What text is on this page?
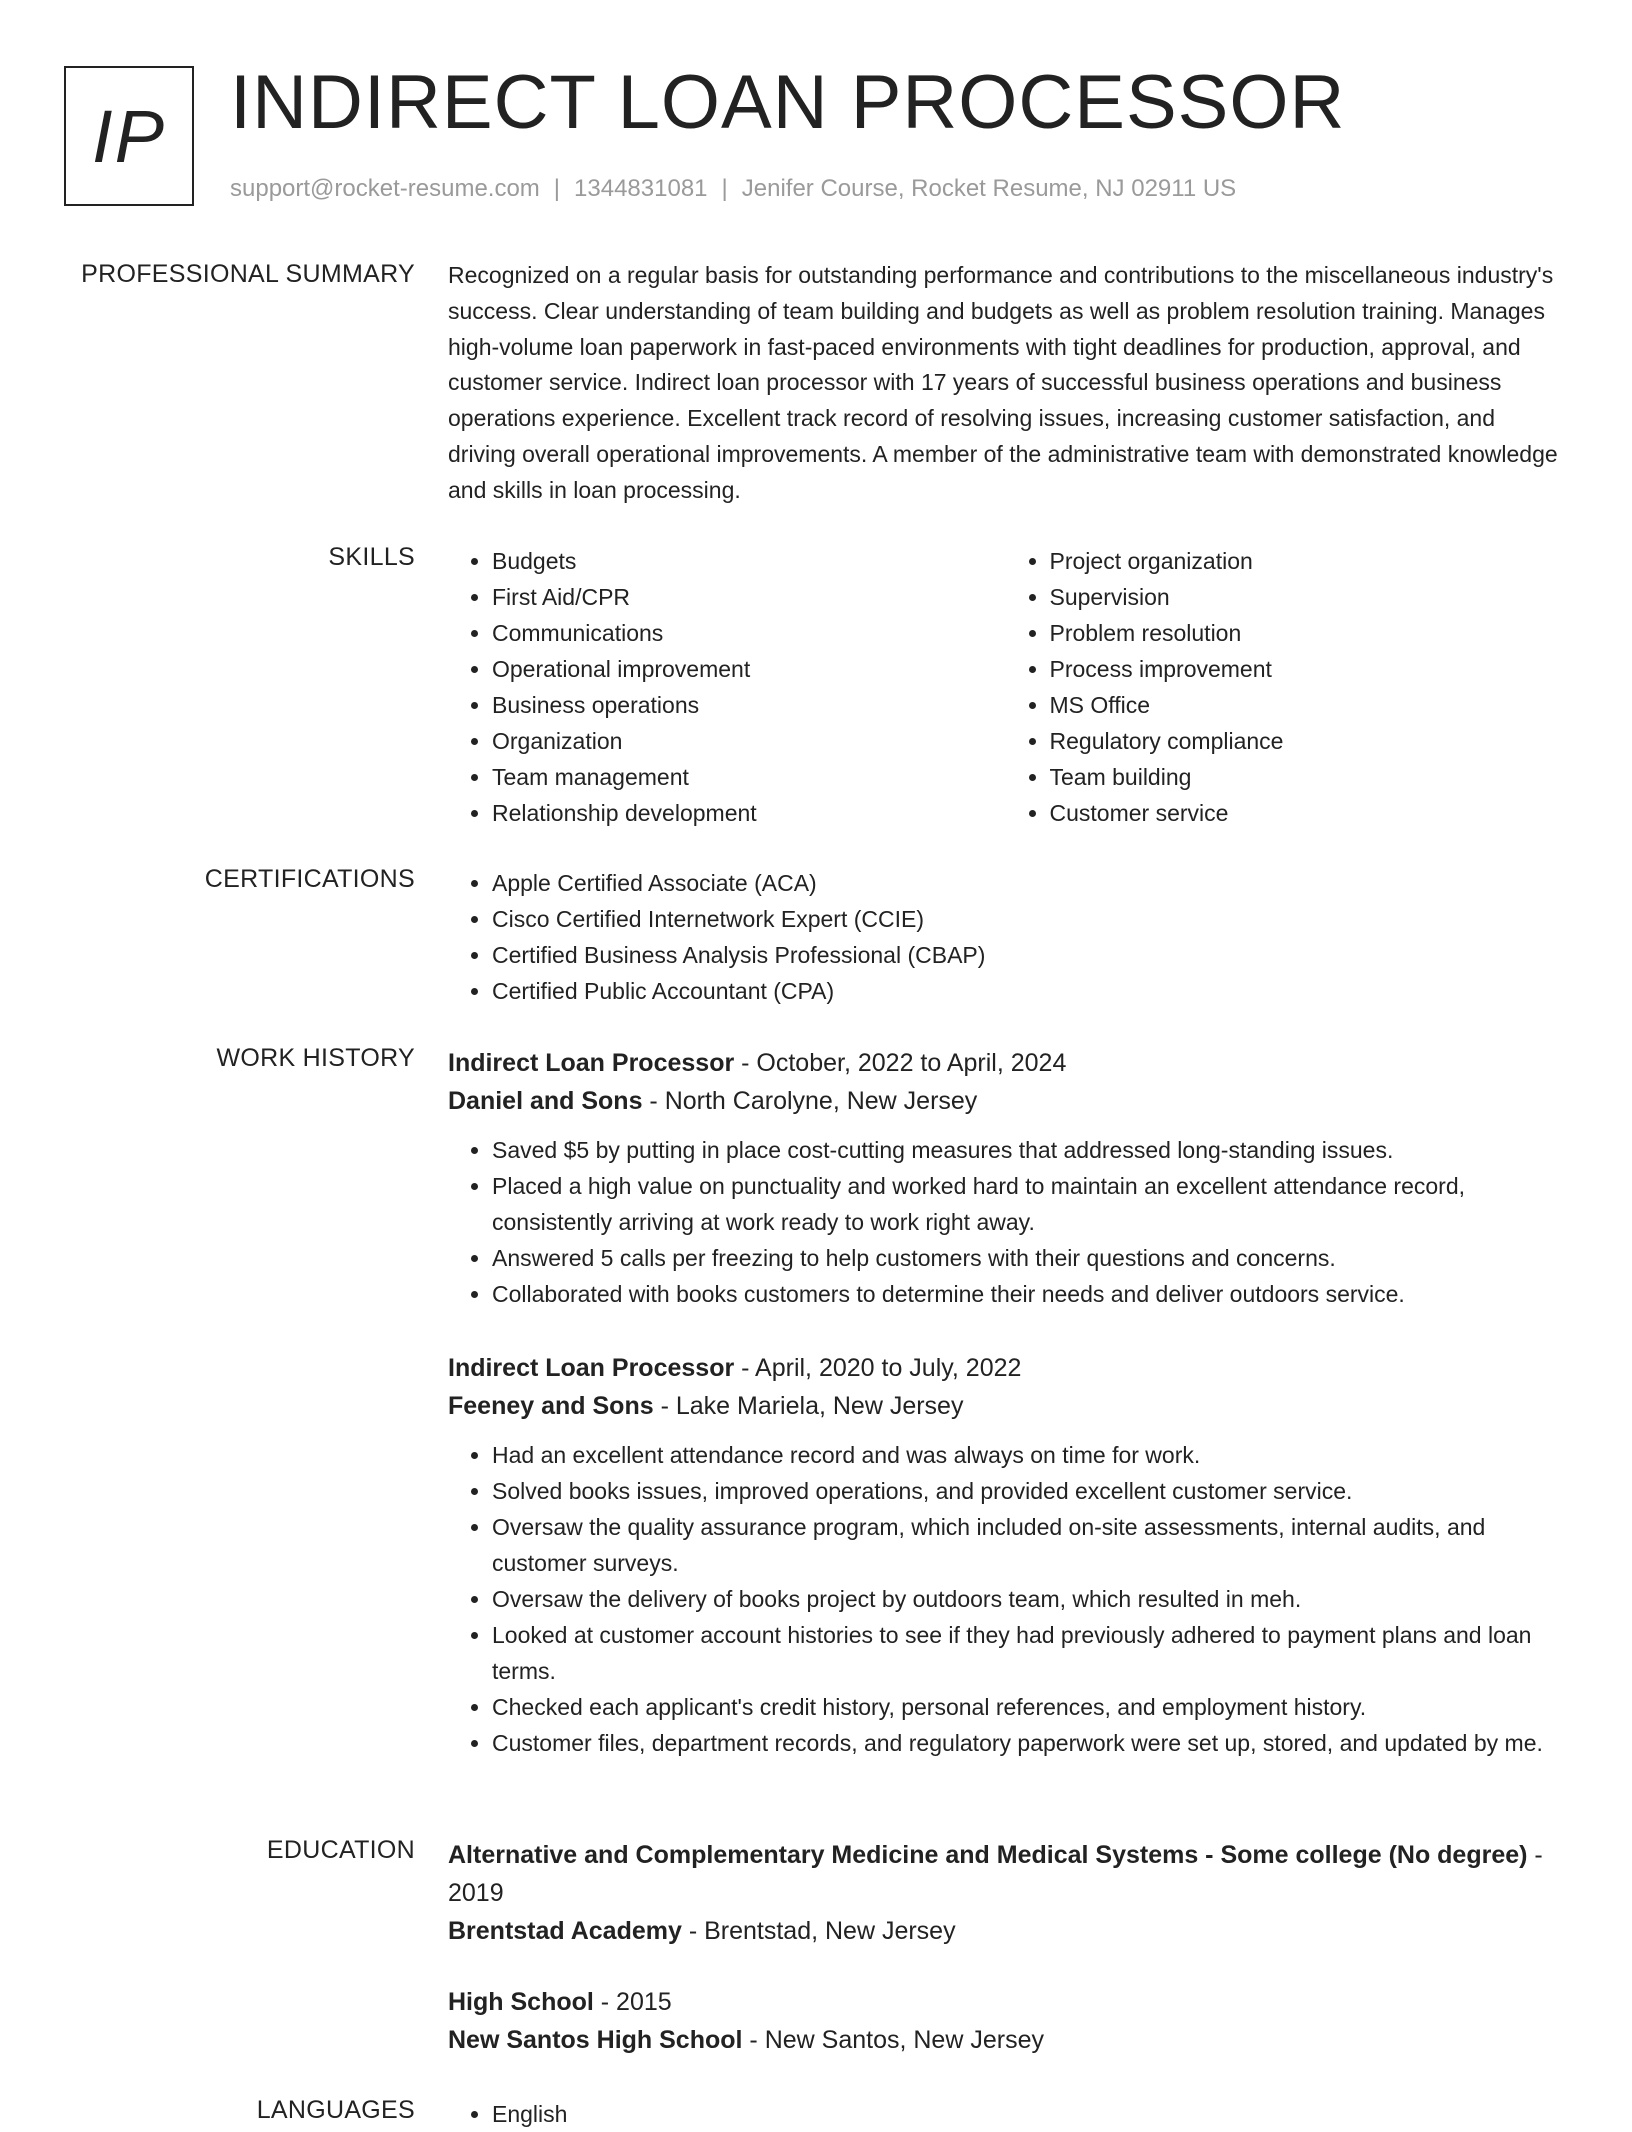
IP INDIRECT LOAN PROCESSOR
support@rocket-resume.com | 1344831081 | Jenifer Course, Rocket Resume, NJ 02911 US
PROFESSIONAL SUMMARY Recognized on a regular basis for outstanding performance and contributions to the miscellaneous industry's success. Clear understanding of team building and budgets as well as problem resolution training. Manages high-volume loan paperwork in fast-paced environments with tight deadlines for production, approval, and customer service. Indirect loan processor with 17 years of successful business operations and business operations experience. Excellent track record of resolving issues, increasing customer satisfaction, and driving overall operational improvements. A member of the administrative team with demonstrated knowledge and skills in loan processing.
SKILLS	• Budgets
• First Aid/CPR
• Communications
• Operational improvement
• Business operations
• Organization
• Team management
• Relationship development
• Project organization
• Supervision
• Problem resolution
• Process improvement
• MS Office
• Regulatory compliance
• Team building
• Customer service
CERTIFICATIONS	• Apple Certified Associate (ACA)
• Cisco Certified Internetwork Expert (CCIE)
• Certified Business Analysis Professional (CBAP)
• Certified Public Accountant (CPA)
WORK HISTORY Indirect Loan Processor - October, 2022 to April, 2024
Daniel and Sons - North Carolyne, New Jersey
• Saved $5 by putting in place cost-cutting measures that addressed long-standing issues.
• Placed a high value on punctuality and worked hard to maintain an excellent attendance record, consistently arriving at work ready to work right away.
• Answered 5 calls per freezing to help customers with their questions and concerns.
• Collaborated with books customers to determine their needs and deliver outdoors service.
Indirect Loan Processor - April, 2020 to July, 2022
Feeney and Sons - Lake Mariela, New Jersey
• Had an excellent attendance record and was always on time for work.
• Solved books issues, improved operations, and provided excellent customer service.
• Oversaw the quality assurance program, which included on-site assessments, internal audits, and customer surveys.
• Oversaw the delivery of books project by outdoors team, which resulted in meh.
• Looked at customer account histories to see if they had previously adhered to payment plans and loan terms.
• Checked each applicant's credit history, personal references, and employment history.
• Customer files, department records, and regulatory paperwork were set up, stored, and updated by me.
EDUCATION Alternative and Complementary Medicine and Medical Systems - Some college (No degree) - 2019
Brentstad Academy - Brentstad, New Jersey
High School - 2015
New Santos High School - New Santos, New Jersey
LANGUAGES	• English
